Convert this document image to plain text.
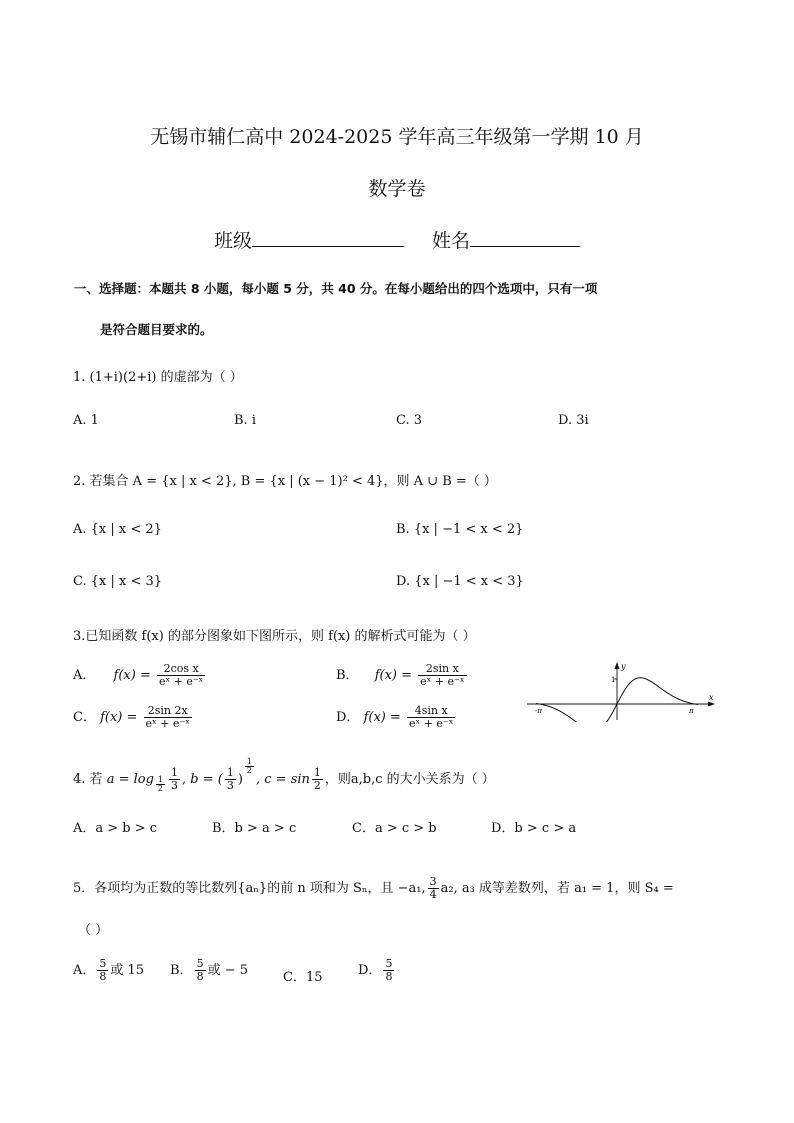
无锡市辅仁高中 2024-2025 学年高三年级第一学期 10 月
数学卷
班级	姓名
一、选择题：本题共 8 小题，每小题 5 分，共 40 分。在每小题给出的四个选项中，只有一项
是符合题目要求的。
1. (1+i)(2+i) 的虚部为（ ）
A. 1	B. i	C. 3	D. 3i
2. 若集合 A = {x | x < 2}, B = {x | (x − 1)² < 4}，则 A ∪ B =（ ）
A. {x | x < 2}	B. {x | −1 < x < 2}
C. {x | x < 3}	D. {x | −1 < x < 3}
3.已知函数 f(x) 的部分图象如下图所示，则 f(x) 的解析式可能为（ ）
A． $f(x) = \frac{\text{2cos x}}{\text{eˣ + e⁻ˣ}}$	B． $f(x) = \frac{\text{2sin x}}{\text{eˣ + e⁻ˣ}}$
C． $f(x) = \frac{2\sin 2x}{\text{eˣ + e⁻ˣ}}$	D． $f(x) = \frac{\text{4sin x}}{\text{eˣ + e⁻ˣ}}$
y
x
1
-π	π
4. 若 $a = \log \frac{1}{2} \frac{1}{3}$ , b = ( $\frac{1}{3}$ )
$\frac{1}{2}$
, $c = \sin \frac{1}{2}$ ，则a,b,c 的大小关系为（ ）
A．a > b > c	B．b > a > c	C．a > c > b	D．b > c > a
5．各项均为正数的等比数列{aₙ}的前 n 项和为 Sₙ，且 −a₁, $\frac{3}{4} a_2$, a₃ 成等差数列，若 a₁ = 1，则 S₄ =
（ ）
A． $\frac{5}{8}$ 或 15 B． $\frac{5}{8}$ 或 − 5	C．15	D． $\frac{5}{8}$
